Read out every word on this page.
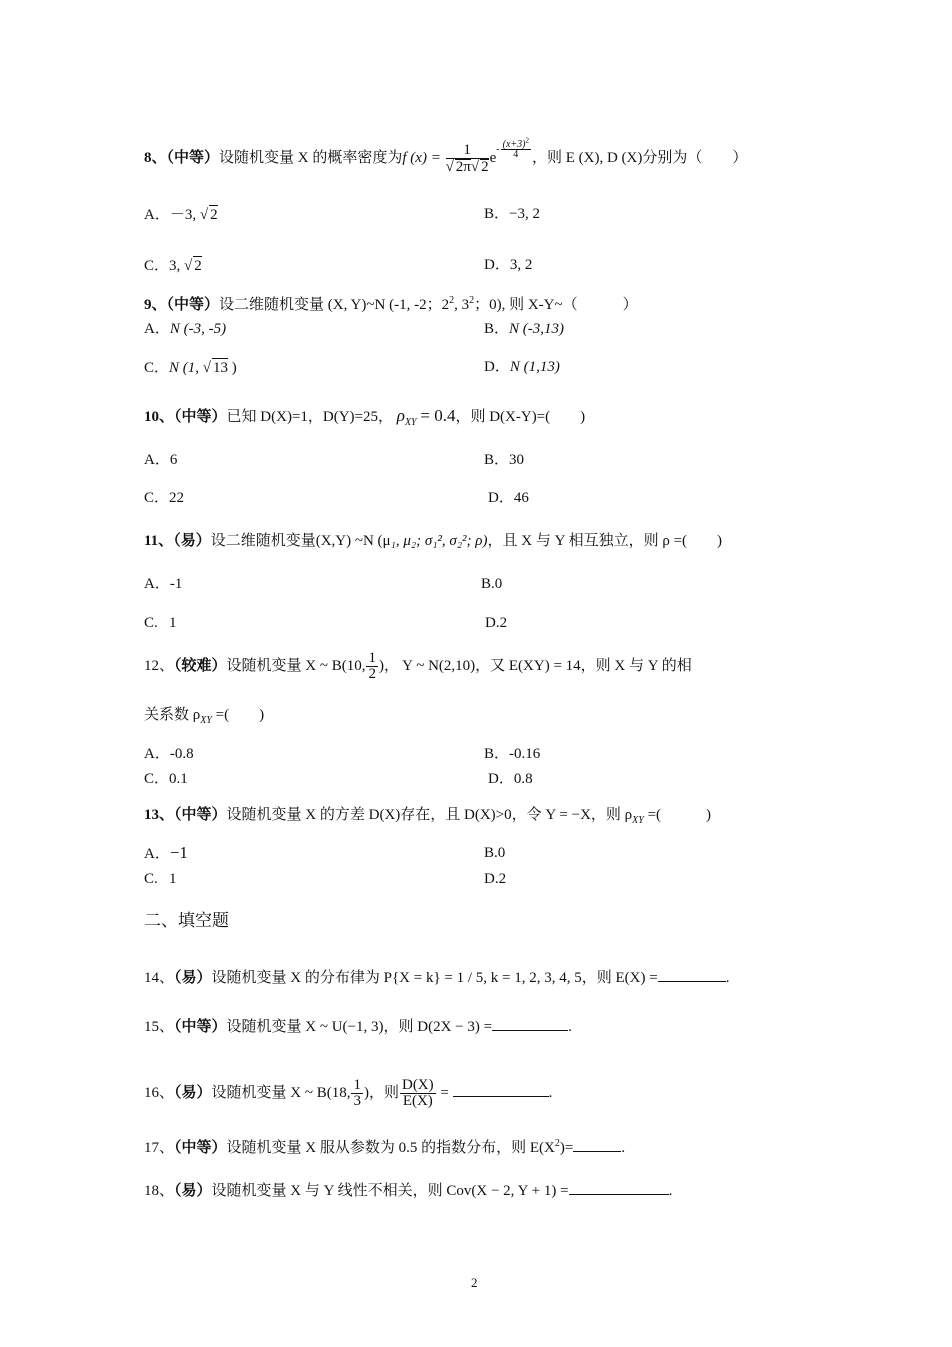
8、（中等）设随机变量 X 的概率密度为f $(x) = \frac{1}{√ 2\pi√ 2} e- \frac{(x+3)^2}{4}$ ，则 E (X), D (X)分别为（　　）
A．－3, √ 2	B．−3, 2
C．3, √ 2	D．3, 2
9、（中等）设二维随机变量 (X, Y)~N (-1, -2；$2^2$, $3^2$；0), 则 X-Y~（　　　）
A．N (-3, -5)	B．N (-3,13)
C．N (1, √ 13 )	D．N (1,13)
10、（中等）已知 D(X)=1，D(Y)=25， $\rho_{XY} = 0.4$，则 D(X-Y)=(　　)
A．6	B．30
C．22	D．46
11、（易）设二维随机变量(X,Y) ~N (μ₁, μ₂; σ₁², σ₂²; ρ)，且 X 与 Y 相互独立，则 ρ =(　　)
A．-1	B.0
C. 1	D.2
12、（较难）设随机变量 X ~ B(10, $\frac{1}{2}$ )， Y ~ N(2,10)，又 E(XY) = 14，则 X 与 Y 的相
关系数 $\rho_{XY}$ =(　　)
A．-0.8	B．-0.16
C．0.1	D．0.8
13、（中等）设随机变量 X 的方差 D(X)存在，且 D(X)>0，令 Y = −X，则 $\rho_{XY}$ =(　　　)
A．−1	B.0
C. 1	D.2
二、填空题
14、（易）设随机变量 X 的分布律为 P{X = k} = 1 / 5, k = 1, 2, 3, 4, 5，则 E(X) =	.
15、（中等）设随机变量 X ~ U(−1, 3)，则 D(2X − 3) =	.
16、（易）设随机变量 X ~ B(18, $\frac{1}{3}$ )，则 $\frac{D(X)}{E(X)}$ =	.
17、（中等）设随机变量 X 服从参数为 0.5 的指数分布，则 $E(X^2)=$	.
18、（易）设随机变量 X 与 Y 线性不相关，则 Cov(X − 2, Y + 1) =	.
2
